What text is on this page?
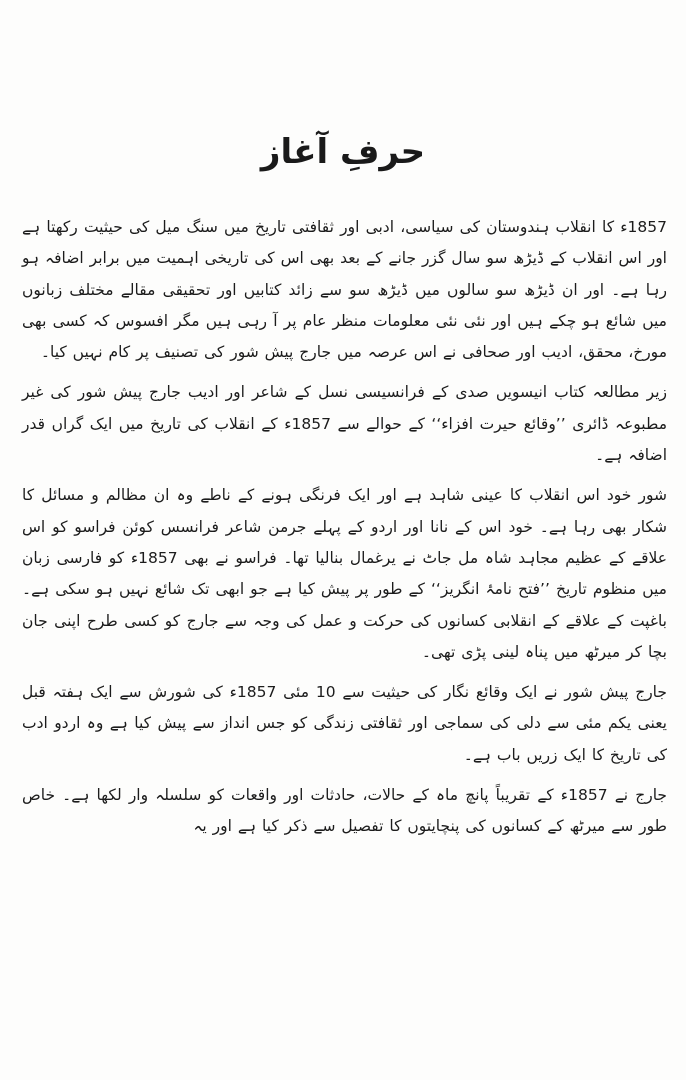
حرفِ آغاز

1857ء کا انقلاب ہندوستان کی سیاسی، ادبی اور ثقافتی تاریخ میں سنگ میل کی حیثیت رکھتا ہے اور اس انقلاب کے ڈیڑھ سو سال گزر جانے کے بعد بھی اس کی تاریخی اہمیت میں برابر اضافہ ہو رہا ہے۔ اور ان ڈیڑھ سو سالوں میں ڈیڑھ سو سے زائد کتابیں اور تحقیقی مقالے مختلف زبانوں میں شائع ہو چکے ہیں اور نئی نئی معلومات منظر عام پر آ رہی ہیں مگر افسوس کہ کسی بھی مورخ، محقق، ادیب اور صحافی نے اس عرصہ میں جارج پیش شور کی تصنیف پر کام نہیں کیا۔

زیر مطالعہ کتاب انیسویں صدی کے فرانسیسی نسل کے شاعر اور ادیب جارج پیش شور کی غیر مطبوعہ ڈائری ’’وقائع حیرت افزاء‘‘ کے حوالے سے 1857ء کے انقلاب کی تاریخ میں ایک گراں قدر اضافہ ہے۔

شور خود اس انقلاب کا عینی شاہد ہے اور ایک فرنگی ہونے کے ناطے وہ ان مظالم و مسائل کا شکار بھی رہا ہے۔ خود اس کے نانا اور اردو کے پہلے جرمن شاعر فرانسس کوئن فراسو کو اس علاقے کے عظیم مجاہد شاہ مل جاٹ نے یرغمال بنالیا تھا۔ فراسو نے بھی 1857ء کو فارسی زبان میں منظوم تاریخ ’’فتح نامۂ انگریز‘‘ کے طور پر پیش کیا ہے جو ابھی تک شائع نہیں ہو سکی ہے۔ باغپت کے علاقے کے انقلابی کسانوں کی حرکت و عمل کی وجہ سے جارج کو کسی طرح اپنی جان بچا کر میرٹھ میں پناہ لینی پڑی تھی۔

جارج پیش شور نے ایک وقائع نگار کی حیثیت سے 10 مئی 1857ء کی شورش سے ایک ہفتہ قبل یعنی یکم مئی سے دلی کی سماجی اور ثقافتی زندگی کو جس انداز سے پیش کیا ہے وہ اردو ادب کی تاریخ کا ایک زریں باب ہے۔

جارج نے 1857ء کے تقریباً پانچ ماہ کے حالات، حادثات اور واقعات کو سلسلہ وار لکھا ہے۔ خاص طور سے میرٹھ کے کسانوں کی پنچایتوں کا تفصیل سے ذکر کیا ہے اور یہ
